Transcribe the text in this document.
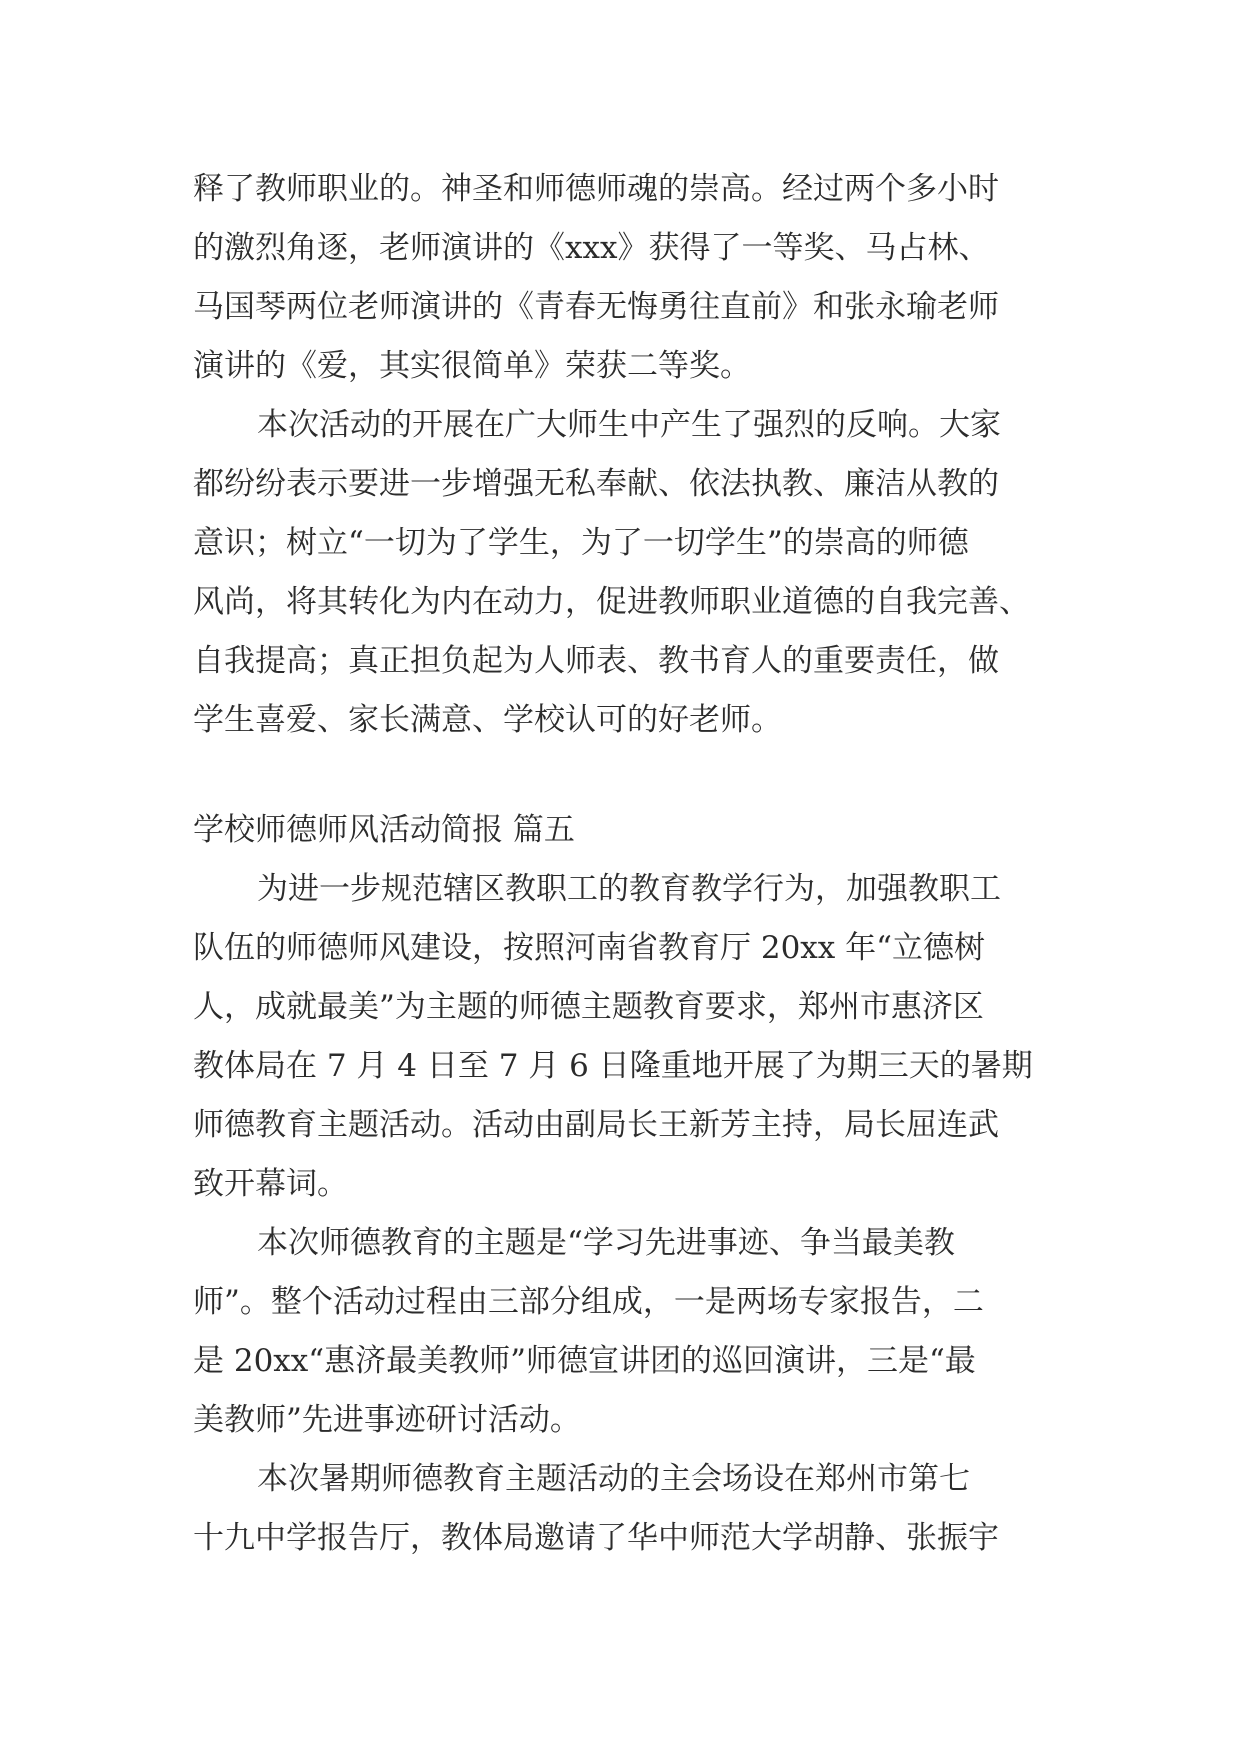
释了教师职业的。神圣和师德师魂的崇高。经过两个多小时
的激烈角逐，老师演讲的《xxx》获得了一等奖、马占林、
马国琴两位老师演讲的《青春无悔勇往直前》和张永瑜老师
演讲的《爱，其实很简单》荣获二等奖。
本次活动的开展在广大师生中产生了强烈的反响。大家
都纷纷表示要进一步增强无私奉献、依法执教、廉洁从教的
意识；树立“一切为了学生，为了一切学生”的崇高的师德
风尚，将其转化为内在动力，促进教师职业道德的自我完善、
自我提高；真正担负起为人师表、教书育人的重要责任，做
学生喜爱、家长满意、学校认可的好老师。
学校师德师风活动简报 篇五
为进一步规范辖区教职工的教育教学行为，加强教职工
队伍的师德师风建设，按照河南省教育厅 20xx 年“立德树
人，成就最美”为主题的师德主题教育要求，郑州市惠济区
教体局在 7 月 4 日至 7 月 6 日隆重地开展了为期三天的暑期
师德教育主题活动。活动由副局长王新芳主持，局长屈连武
致开幕词。
本次师德教育的主题是“学习先进事迹、争当最美教
师”。整个活动过程由三部分组成，一是两场专家报告，二
是 20xx“惠济最美教师”师德宣讲团的巡回演讲，三是“最
美教师”先进事迹研讨活动。
本次暑期师德教育主题活动的主会场设在郑州市第七
十九中学报告厅，教体局邀请了华中师范大学胡静、张振宇
